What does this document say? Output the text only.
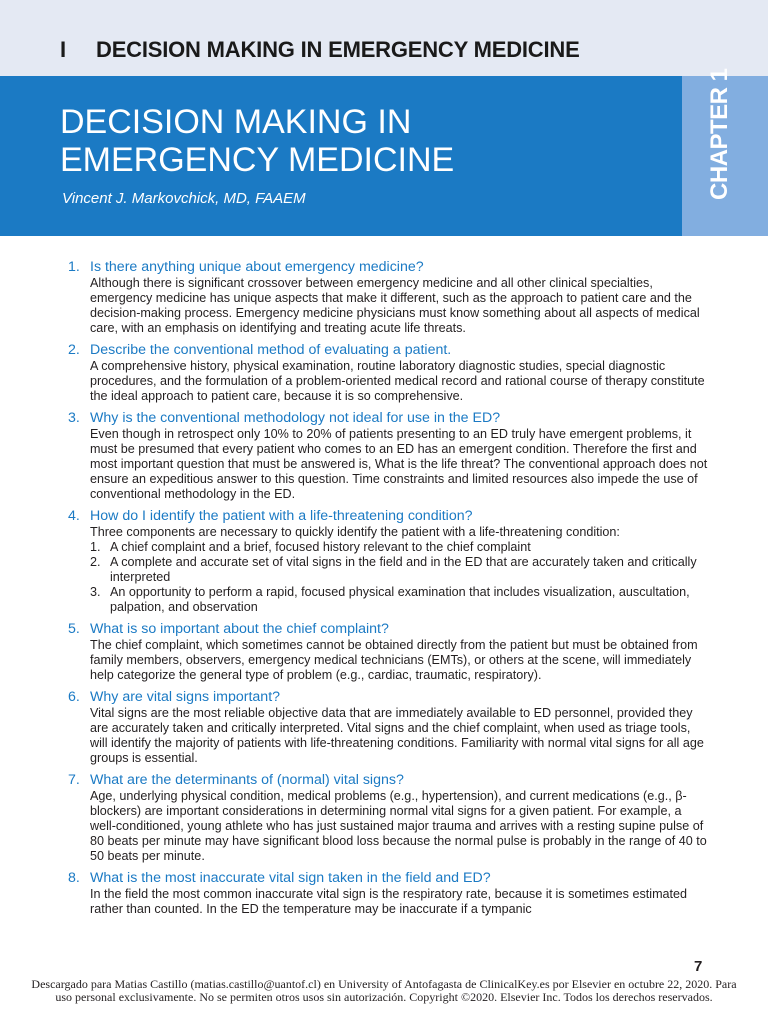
I DECISION MAKING IN EMERGENCY MEDICINE
DECISION MAKING IN
EMERGENCY MEDICINE
Vincent J. Markovchick, MD, FAAEM	CHAPTER 1
1. Is there anything unique about emergency medicine?
Although there is significant crossover between emergency medicine and all other clinical specialties, emergency medicine has unique aspects that make it different, such as the approach to patient care and the decision-making process. Emergency medicine physicians must know something about all aspects of medical care, with an emphasis on identifying and treating acute life threats.
2. Describe the conventional method of evaluating a patient.
A comprehensive history, physical examination, routine laboratory diagnostic studies, special diagnostic procedures, and the formulation of a problem-oriented medical record and rational course of therapy constitute the ideal approach to patient care, because it is so comprehensive.
3. Why is the conventional methodology not ideal for use in the ED?
Even though in retrospect only 10% to 20% of patients presenting to an ED truly have emergent problems, it must be presumed that every patient who comes to an ED has an emergent condition. Therefore the first and most important question that must be answered is, What is the life threat? The conventional approach does not ensure an expeditious answer to this question. Time constraints and limited resources also impede the use of conventional methodology in the ED.
4. How do I identify the patient with a life-threatening condition?
Three components are necessary to quickly identify the patient with a life-threatening condition:
1. A chief complaint and a brief, focused history relevant to the chief complaint
2. A complete and accurate set of vital signs in the field and in the ED that are accurately taken and critically interpreted
3. An opportunity to perform a rapid, focused physical examination that includes visualization, auscultation, palpation, and observation
5. What is so important about the chief complaint?
The chief complaint, which sometimes cannot be obtained directly from the patient but must be obtained from family members, observers, emergency medical technicians (EMTs), or others at the scene, will immediately help categorize the general type of problem (e.g., cardiac, traumatic, respiratory).
6. Why are vital signs important?
Vital signs are the most reliable objective data that are immediately available to ED personnel, provided they are accurately taken and critically interpreted. Vital signs and the chief complaint, when used as triage tools, will identify the majority of patients with life-threatening conditions. Familiarity with normal vital signs for all age groups is essential.
7. What are the determinants of (normal) vital signs?
Age, underlying physical condition, medical problems (e.g., hypertension), and current medications (e.g., β-blockers) are important considerations in determining normal vital signs for a given patient. For example, a well-conditioned, young athlete who has just sustained major trauma and arrives with a resting supine pulse of 80 beats per minute may have significant blood loss because the normal pulse is probably in the range of 40 to 50 beats per minute.
8. What is the most inaccurate vital sign taken in the field and ED?
In the field the most common inaccurate vital sign is the respiratory rate, because it is sometimes estimated rather than counted. In the ED the temperature may be inaccurate if a tympanic
7
Descargado para Matias Castillo (matias.castillo@uantof.cl) en University of Antofagasta de ClinicalKey.es por Elsevier en octubre 22, 2020. Para uso personal exclusivamente. No se permiten otros usos sin autorización. Copyright ©2020. Elsevier Inc. Todos los derechos reservados.
